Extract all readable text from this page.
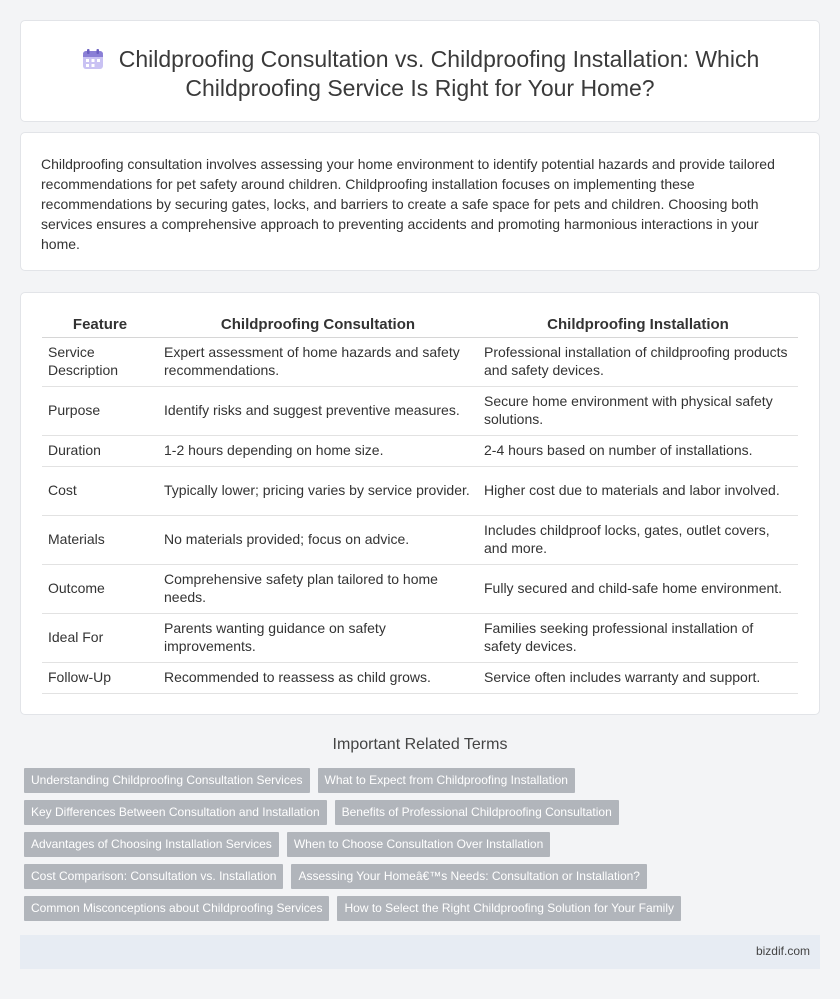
Childproofing Consultation vs. Childproofing Installation: Which Childproofing Service Is Right for Your Home?

Childproofing consultation involves assessing your home environment to identify potential hazards and provide tailored recommendations for pet safety around children. Childproofing installation focuses on implementing these recommendations by securing gates, locks, and barriers to create a safe space for pets and children. Choosing both services ensures a comprehensive approach to preventing accidents and promoting harmonious interactions in your home.

Feature	Childproofing Consultation	Childproofing Installation
Service Description	Expert assessment of home hazards and safety recommendations.	Professional installation of childproofing products and safety devices.
Purpose	Identify risks and suggest preventive measures.	Secure home environment with physical safety solutions.
Duration	1-2 hours depending on home size.	2-4 hours based on number of installations.
Cost	Typically lower; pricing varies by service provider.	Higher cost due to materials and labor involved.
Materials	No materials provided; focus on advice.	Includes childproof locks, gates, outlet covers, and more.
Outcome	Comprehensive safety plan tailored to home needs.	Fully secured and child-safe home environment.
Ideal For	Parents wanting guidance on safety improvements.	Families seeking professional installation of safety devices.
Follow-Up	Recommended to reassess as child grows.	Service often includes warranty and support.
Important Related Terms
Understanding Childproofing Consultation Services	What to Expect from Childproofing Installation
Key Differences Between Consultation and Installation	Benefits of Professional Childproofing Consultation
Advantages of Choosing Installation Services	When to Choose Consultation Over Installation
Cost Comparison: Consultation vs. Installation	Assessing Your Homeâ€™s Needs: Consultation or Installation?
Common Misconceptions about Childproofing Services	How to Select the Right Childproofing Solution for Your Family
bizdif.com
